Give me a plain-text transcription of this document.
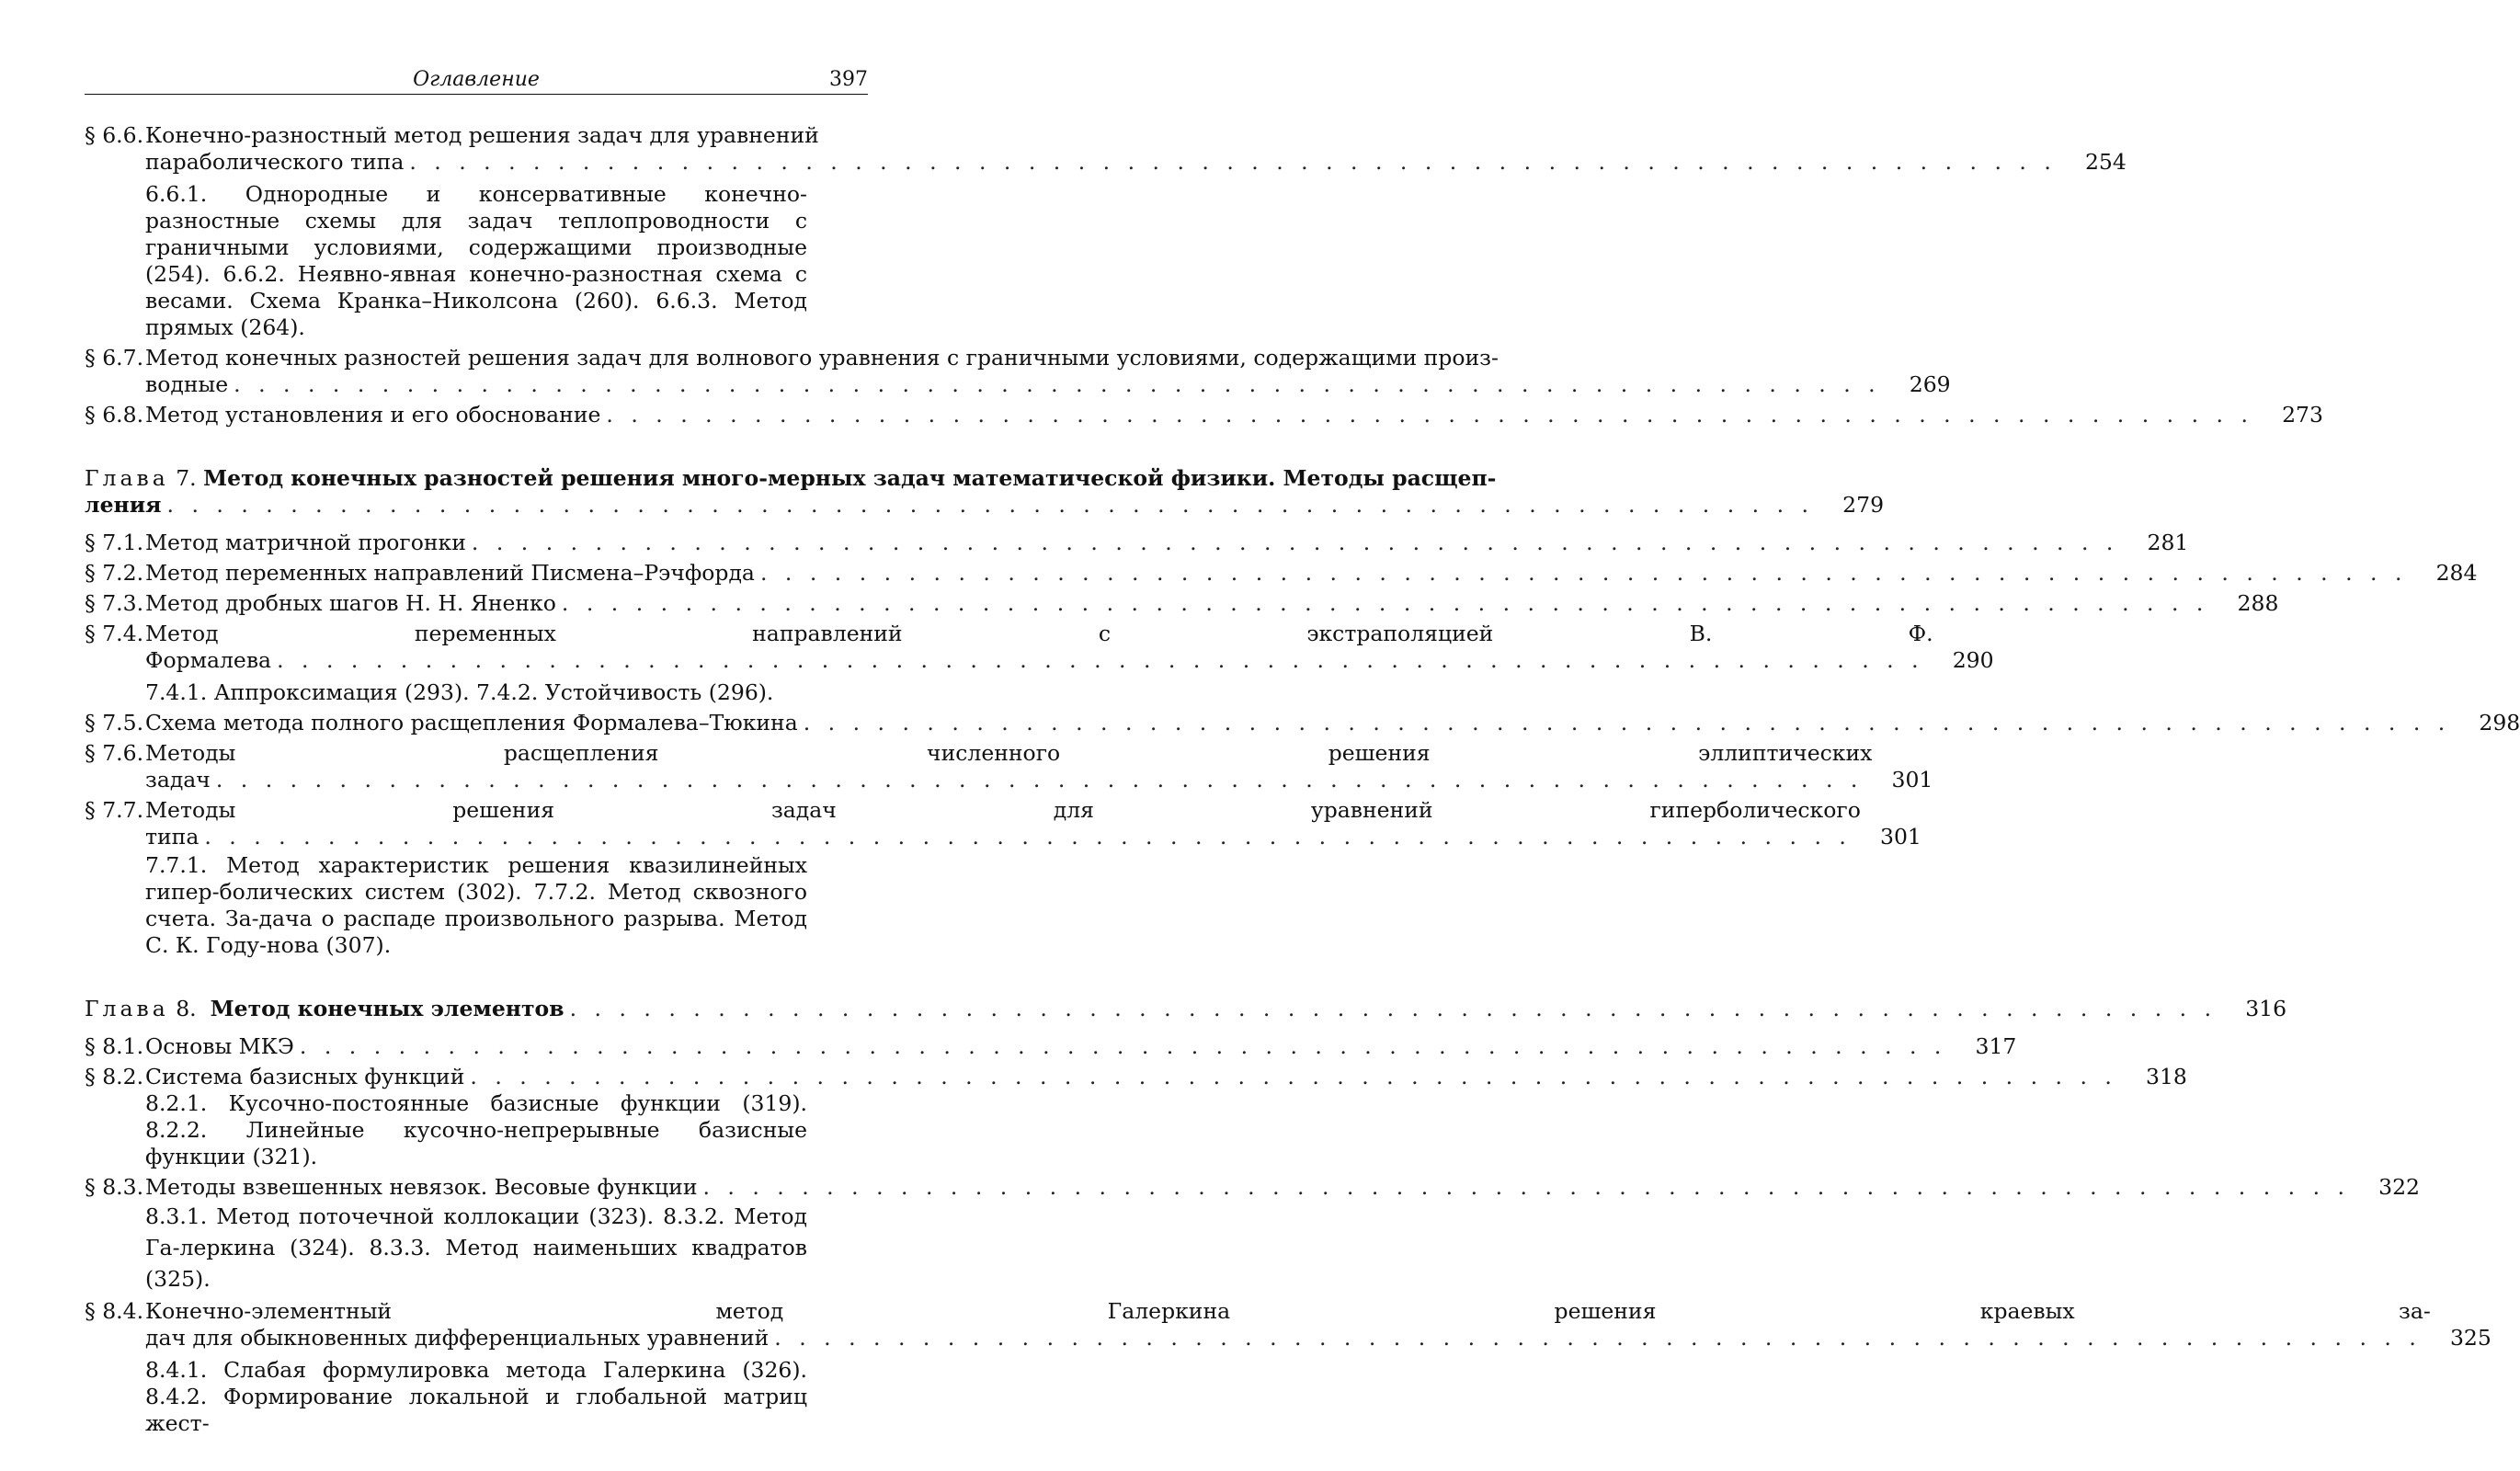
Оглавление	397
§ 6.6. Конечно-разностный метод решения задач для уравнений
параболического типа . . .	254
6.6.1. Однородные и консервативные конечно-разностные схемы для задач теплопроводности с граничными условиями, содержащими производные (254). 6.6.2. Неявно-явная конечно-разностная схема с весами. Схема Кранка–Николсона (260). 6.6.3. Метод прямых (264).
§ 6.7. Метод конечных разностей решения задач для волнового уравнения с граничными условиями, содержащими произ-
водные . . .	269
§ 6.8. Метод установления и его обоснование . . .	273
Глава 7. Метод конечных разностей решения много-мерных задач математической физики. Методы расщеп-
ления . . .	279
§ 7.1. Метод матричной прогонки . . .	281
§ 7.2. Метод переменных направлений Писмена–Рэчфорда . . .	284
§ 7.3. Метод дробных шагов Н. Н. Яненко . . .	288
§ 7.4. Метод переменных направлений с экстраполяцией В. Ф.
Формалева . . .	290
7.4.1. Аппроксимация (293). 7.4.2. Устойчивость (296).
§ 7.5. Схема метода полного расщепления Формалева–Тюкина . . .	298
§ 7.6. Методы расщепления численного решения эллиптических
задач . . .	301
§ 7.7. Методы решения задач для уравнений гиперболического
типа . . .	301
7.7.1. Метод характеристик решения квазилинейных гипер-болических систем (302). 7.7.2. Метод сквозного счета. За-дача о распаде произвольного разрыва. Метод С. К. Году-нова (307).
Глава 8. Метод конечных элементов . . .	316
§ 8.1. Основы МКЭ . . .	317
§ 8.2. Система базисных функций . . .	318
8.2.1. Кусочно-постоянные базисные функции (319). 8.2.2. Линейные кусочно-непрерывные базисные функции (321).
§ 8.3. Методы взвешенных невязок. Весовые функции . . .	322
8.3.1. Метод поточечной коллокации (323). 8.3.2. Метод Га-леркина (324). 8.3.3. Метод наименьших квадратов (325).
§ 8.4. Конечно-элементный метод Галеркина решения краевых за-
дач для обыкновенных дифференциальных уравнений . . .	325
8.4.1. Слабая формулировка метода Галеркина (326). 8.4.2. Формирование локальной и глобальной матриц жест-
